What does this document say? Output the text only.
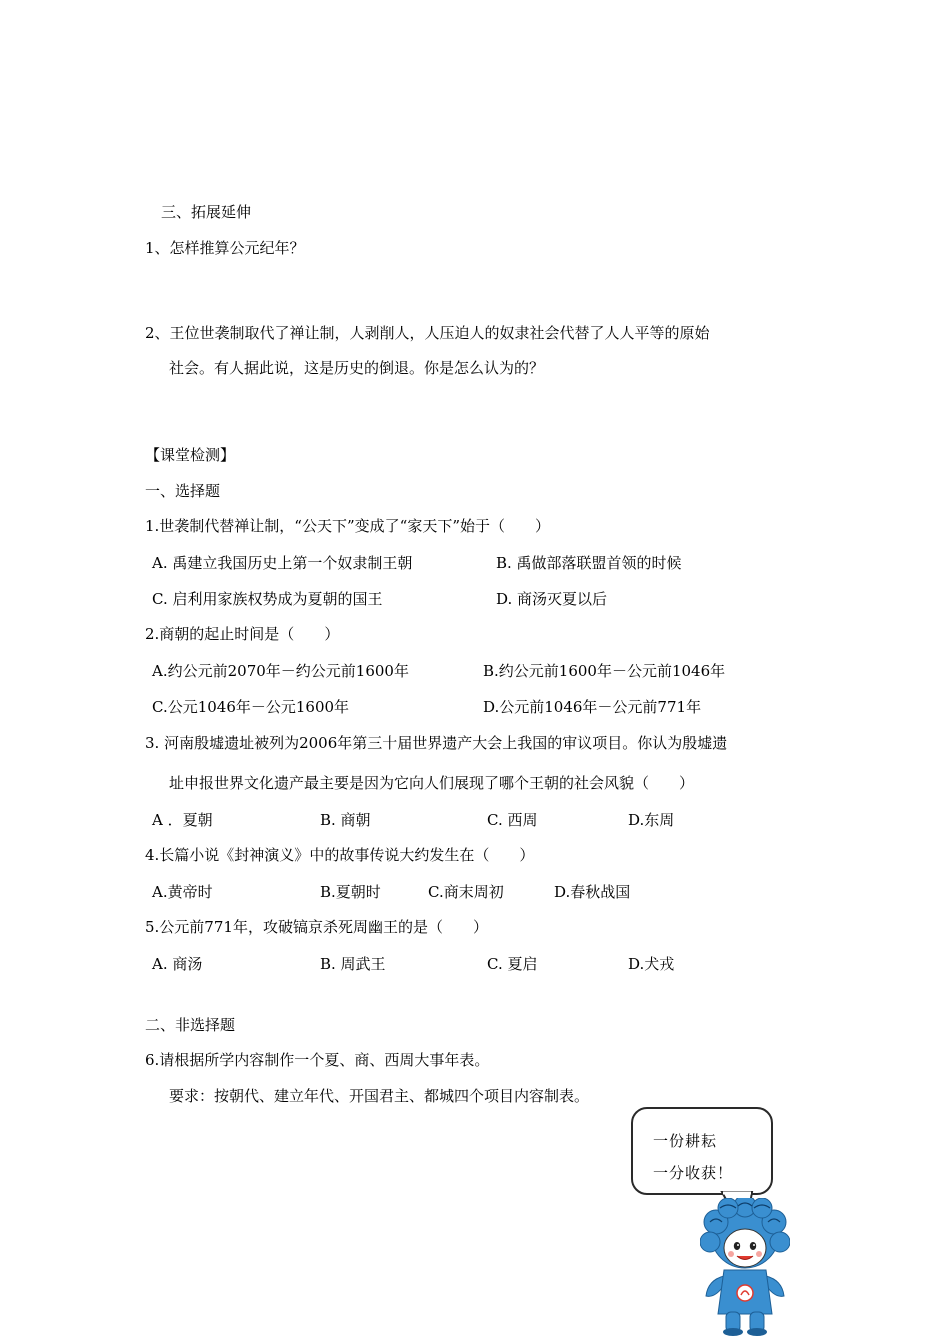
三、拓展延伸
1、怎样推算公元纪年？
2、王位世袭制取代了禅让制，人剥削人，人压迫人的奴隶社会代替了人人平等的原始
社会。有人据此说，这是历史的倒退。你是怎么认为的？
【课堂检测】
一、选择题
1.世袭制代替禅让制，“公天下”变成了“家天下”始于（　　）
A. 禹建立我国历史上第一个奴隶制王朝	B. 禹做部落联盟首领的时候
C. 启利用家族权势成为夏朝的国王	D. 商汤灭夏以后
2.商朝的起止时间是（　　）
A.约公元前2070年－约公元前1600年	B.约公元前1600年－公元前1046年
C.公元1046年－公元1600年	D.公元前1046年－公元前771年
3. 河南殷墟遗址被列为2006年第三十届世界遗产大会上我国的审议项目。你认为殷墟遗
址申报世界文化遗产最主要是因为它向人们展现了哪个王朝的社会风貌（　　）
A ．夏朝	B. 商朝	C. 西周	D.东周
4.长篇小说《封神演义》中的故事传说大约发生在（　　）
A.黄帝时	B.夏朝时	C.商末周初	D.春秋战国
5.公元前771年，攻破镐京杀死周幽王的是（　　）
A. 商汤	B. 周武王	C. 夏启	D.犬戎
二、非选择题
6.请根据所学内容制作一个夏、商、西周大事年表。
要求：按朝代、建立年代、开国君主、都城四个项目内容制表。
一份耕耘
一分收获！
